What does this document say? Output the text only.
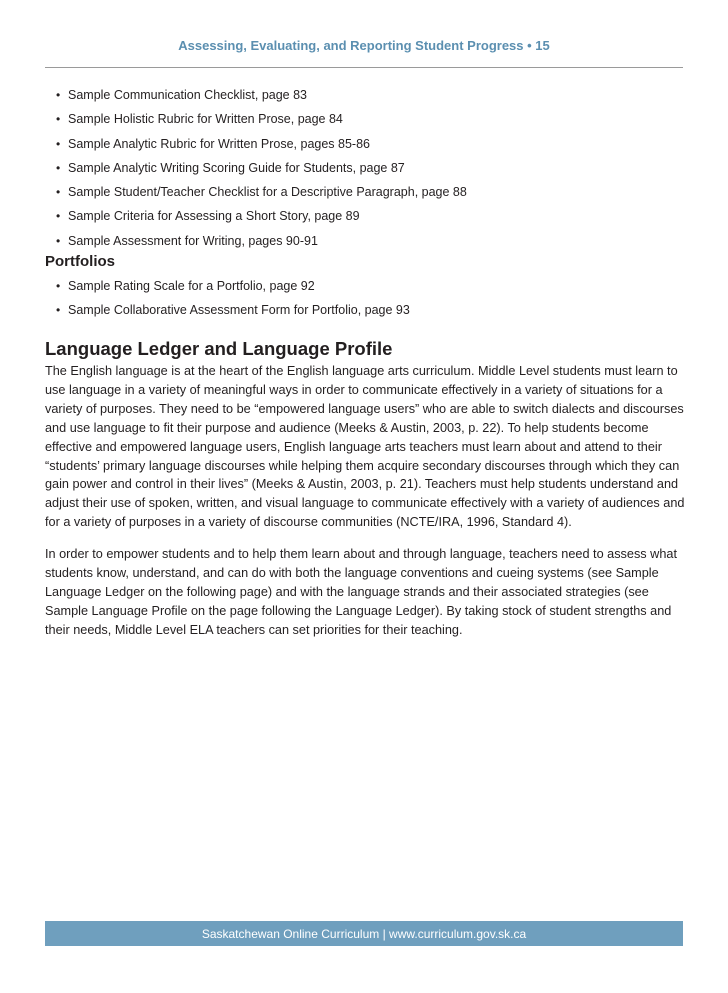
Assessing, Evaluating, and Reporting Student Progress • 15
• Sample Communication Checklist, page 83
• Sample Holistic Rubric for Written Prose, page 84
• Sample Analytic Rubric for Written Prose, pages 85-86
• Sample Analytic Writing Scoring Guide for Students, page 87
• Sample Student/Teacher Checklist for a Descriptive Paragraph, page 88
• Sample Criteria for Assessing a Short Story, page 89
• Sample Assessment for Writing, pages 90-91
Portfolios
• Sample Rating Scale for a Portfolio, page 92
• Sample Collaborative Assessment Form for Portfolio, page 93
Language Ledger and Language Profile

The English language is at the heart of the English language arts curriculum. Middle Level students must learn to use language in a variety of meaningful ways in order to communicate effectively in a variety of situations for a variety of purposes. They need to be “empowered language users” who are able to switch dialects and discourses and use language to fit their purpose and audience (Meeks & Austin, 2003, p. 22). To help students become effective and empowered language users, English language arts teachers must learn about and attend to their “students’ primary language discourses while helping them acquire secondary discourses through which they can gain power and control in their lives” (Meeks & Austin, 2003, p. 21). Teachers must help students understand and adjust their use of spoken, written, and visual language to communicate effectively with a variety of audiences and for a variety of purposes in a variety of discourse communities (NCTE/IRA, 1996, Standard 4).

In order to empower students and to help them learn about and through language, teachers need to assess what students know, understand, and can do with both the language conventions and cueing systems (see Sample Language Ledger on the following page) and with the language strands and their associated strategies (see Sample Language Profile on the page following the Language Ledger). By taking stock of student strengths and their needs, Middle Level ELA teachers can set priorities for their teaching.

Saskatchewan Online Curriculum | www.curriculum.gov.sk.ca
